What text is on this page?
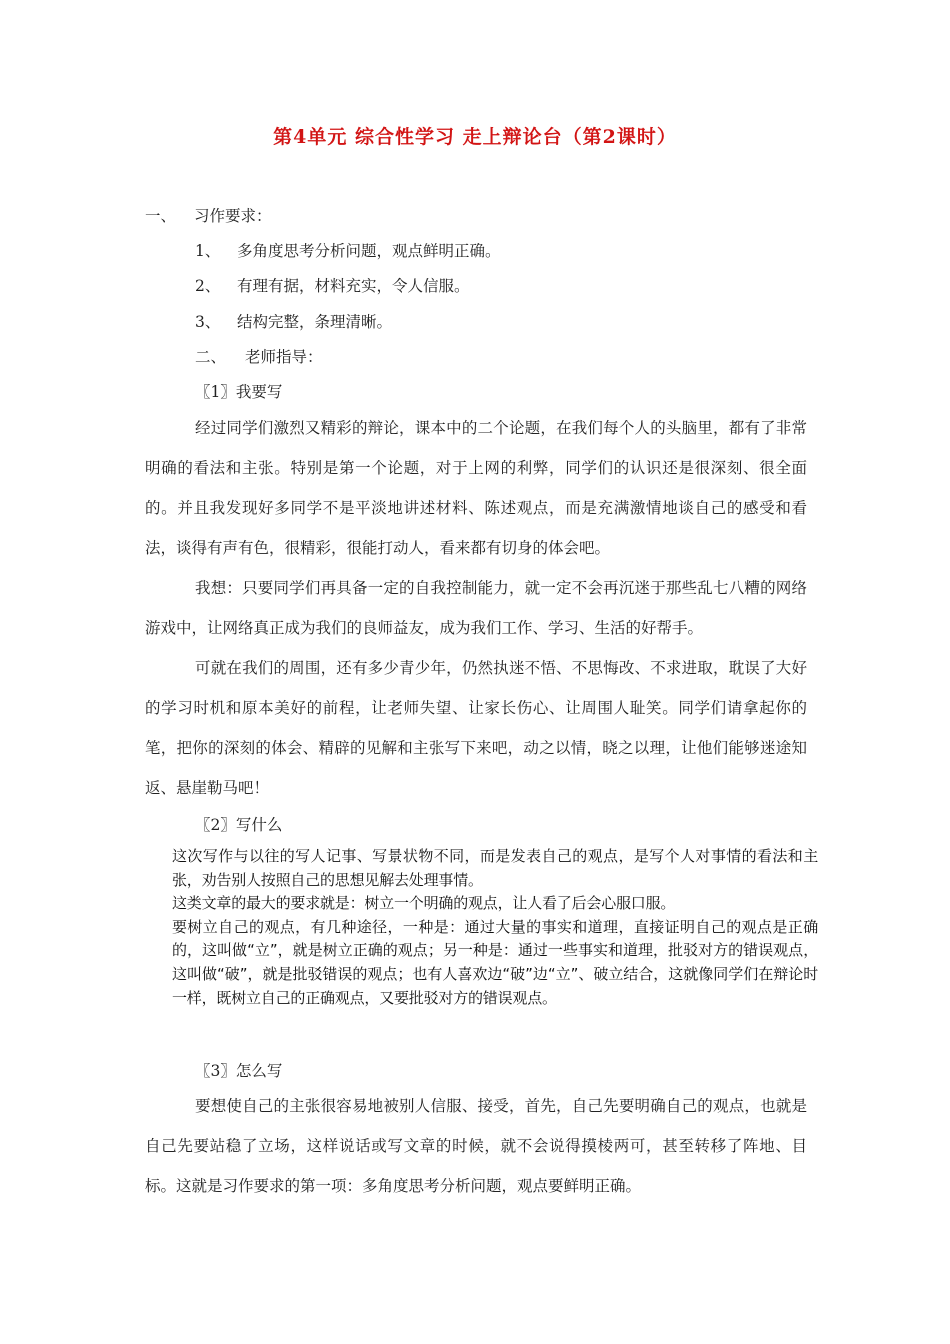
第4单元 综合性学习 走上辩论台（第2课时）
一、 习作要求：
1、 多角度思考分析问题，观点鲜明正确。
2、 有理有据，材料充实，令人信服。
3、 结构完整，条理清晰。
二、 老师指导：
〖1〗我要写
经过同学们激烈又精彩的辩论，课本中的二个论题，在我们每个人的头脑里，都有了非常明确的看法和主张。特别是第一个论题，对于上网的利弊，同学们的认识还是很深刻、很全面的。并且我发现好多同学不是平淡地讲述材料、陈述观点，而是充满激情地谈自己的感受和看法，谈得有声有色，很精彩，很能打动人，看来都有切身的体会吧。
我想：只要同学们再具备一定的自我控制能力，就一定不会再沉迷于那些乱七八糟的网络游戏中，让网络真正成为我们的良师益友，成为我们工作、学习、生活的好帮手。
可就在我们的周围，还有多少青少年，仍然执迷不悟、不思悔改、不求进取，耽误了大好的学习时机和原本美好的前程，让老师失望、让家长伤心、让周围人耻笑。同学们请拿起你的笔，把你的深刻的体会、精辟的见解和主张写下来吧，动之以情，晓之以理，让他们能够迷途知返、悬崖勒马吧！
〖2〗写什么

这次写作与以往的写人记事、写景状物不同，而是发表自己的观点，是写个人对事情的看法和主张，劝告别人按照自己的思想见解去处理事情。

这类文章的最大的要求就是：树立一个明确的观点，让人看了后会心服口服。

要树立自己的观点，有几种途径，一种是：通过大量的事实和道理，直接证明自己的观点是正确的，这叫做“立”，就是树立正确的观点；另一种是：通过一些事实和道理，批驳对方的错误观点，这叫做“破”，就是批驳错误的观点；也有人喜欢边“破”边“立”、破立结合，这就像同学们在辩论时一样，既树立自己的正确观点，又要批驳对方的错误观点。

〖3〗怎么写
要想使自己的主张很容易地被别人信服、接受，首先，自己先要明确自己的观点，也就是自己先要站稳了立场，这样说话或写文章的时候，就不会说得摸棱两可，甚至转移了阵地、目标。这就是习作要求的第一项：多角度思考分析问题，观点要鲜明正确。
